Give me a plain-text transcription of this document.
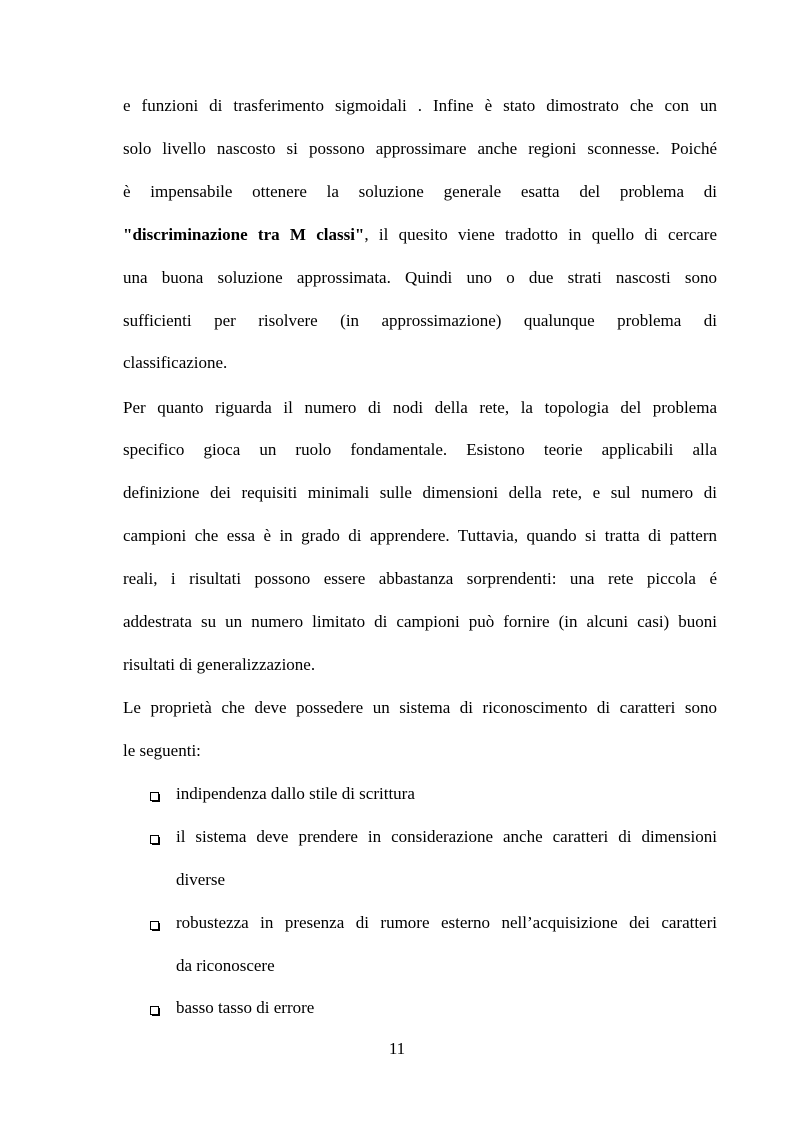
e funzioni di trasferimento sigmoidali . Infine è stato dimostrato che con un
solo livello nascosto si possono approssimare anche regioni sconnesse. Poiché
è impensabile ottenere la soluzione generale esatta del problema di
"discriminazione tra M classi", il quesito viene tradotto in quello di cercare
una buona soluzione approssimata. Quindi uno o due strati nascosti sono
sufficienti per risolvere (in approssimazione) qualunque problema di
classificazione.
Per quanto riguarda il numero di nodi della rete, la topologia del problema
specifico gioca un ruolo fondamentale. Esistono teorie applicabili alla
definizione dei requisiti minimali sulle dimensioni della rete, e sul numero di
campioni che essa è in grado di apprendere. Tuttavia, quando si tratta di pattern
reali, i risultati possono essere abbastanza sorprendenti: una rete piccola é
addestrata su un numero limitato di campioni può fornire (in alcuni casi) buoni
risultati di generalizzazione.
Le proprietà che deve possedere un sistema di riconoscimento di caratteri sono
le seguenti:
indipendenza dallo stile di scrittura
il sistema deve prendere in considerazione anche caratteri di dimensioni
diverse
robustezza in presenza di rumore esterno nell’acquisizione dei caratteri
da riconoscere
basso tasso di errore
11
